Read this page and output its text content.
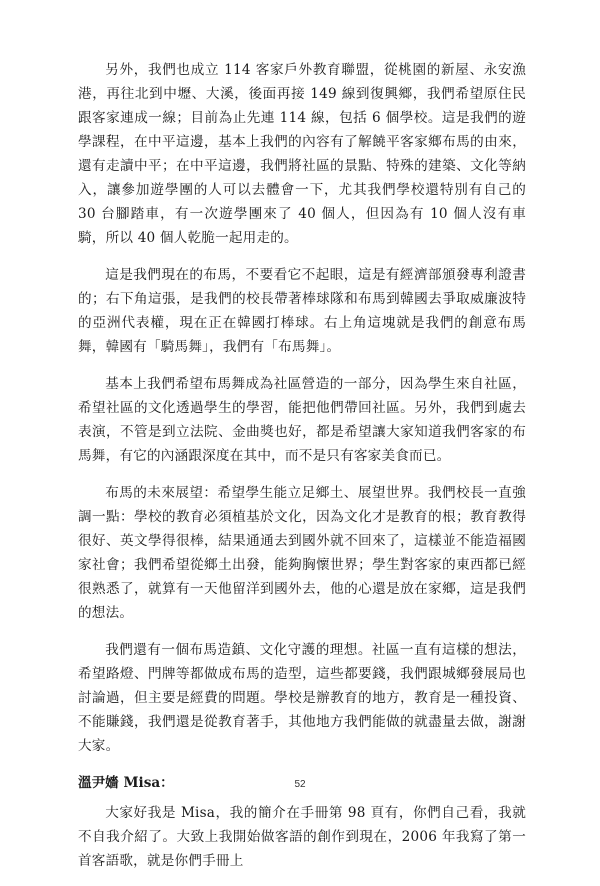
另外，我們也成立 114 客家戶外教育聯盟，從桃園的新屋、永安漁港，再往北到中壢、大溪，後面再接 149 線到復興鄉，我們希望原住民跟客家連成一線；目前為止先連 114 線，包括 6 個學校。這是我們的遊學課程，在中平這邊，基本上我們的內容有了解饒平客家鄉布馬的由來，還有走讀中平；在中平這邊，我們將社區的景點、特殊的建築、文化等納入，讓參加遊學團的人可以去體會一下，尤其我們學校還特別有自己的 30 台腳踏車，有一次遊學團來了 40 個人，但因為有 10 個人沒有車騎，所以 40 個人乾脆一起用走的。

這是我們現在的布馬，不要看它不起眼，這是有經濟部頒發專利證書的；右下角這張，是我們的校長帶著棒球隊和布馬到韓國去爭取威廉波特的亞洲代表權，現在正在韓國打棒球。右上角這塊就是我們的創意布馬舞，韓國有「騎馬舞」，我們有「布馬舞」。

基本上我們希望布馬舞成為社區營造的一部分，因為學生來自社區，希望社區的文化透過學生的學習，能把他們帶回社區。另外，我們到處去表演，不管是到立法院、金曲獎也好，都是希望讓大家知道我們客家的布馬舞，有它的內涵跟深度在其中，而不是只有客家美食而已。

布馬的未來展望：希望學生能立足鄉土、展望世界。我們校長一直強調一點：學校的教育必須植基於文化，因為文化才是教育的根；教育教得很好、英文學得很棒，結果通通去到國外就不回來了，這樣並不能造福國家社會；我們希望從鄉土出發，能夠胸懷世界；學生對客家的東西都已經很熟悉了，就算有一天他留洋到國外去，他的心還是放在家鄉，這是我們的想法。

我們還有一個布馬造鎮、文化守護的理想。社區一直有這樣的想法，希望路燈、門牌等都做成布馬的造型，這些都要錢，我們跟城鄉發展局也討論過，但主要是經費的問題。學校是辦教育的地方，教育是一種投資、不能賺錢，我們還是從教育著手，其他地方我們能做的就盡量去做，謝謝大家。

溫尹嬙 Misa：

大家好我是 Misa，我的簡介在手冊第 98 頁有，你們自己看，我就不自我介紹了。大致上我開始做客語的創作到現在，2006 年我寫了第一首客語歌，就是你們手冊上

52
